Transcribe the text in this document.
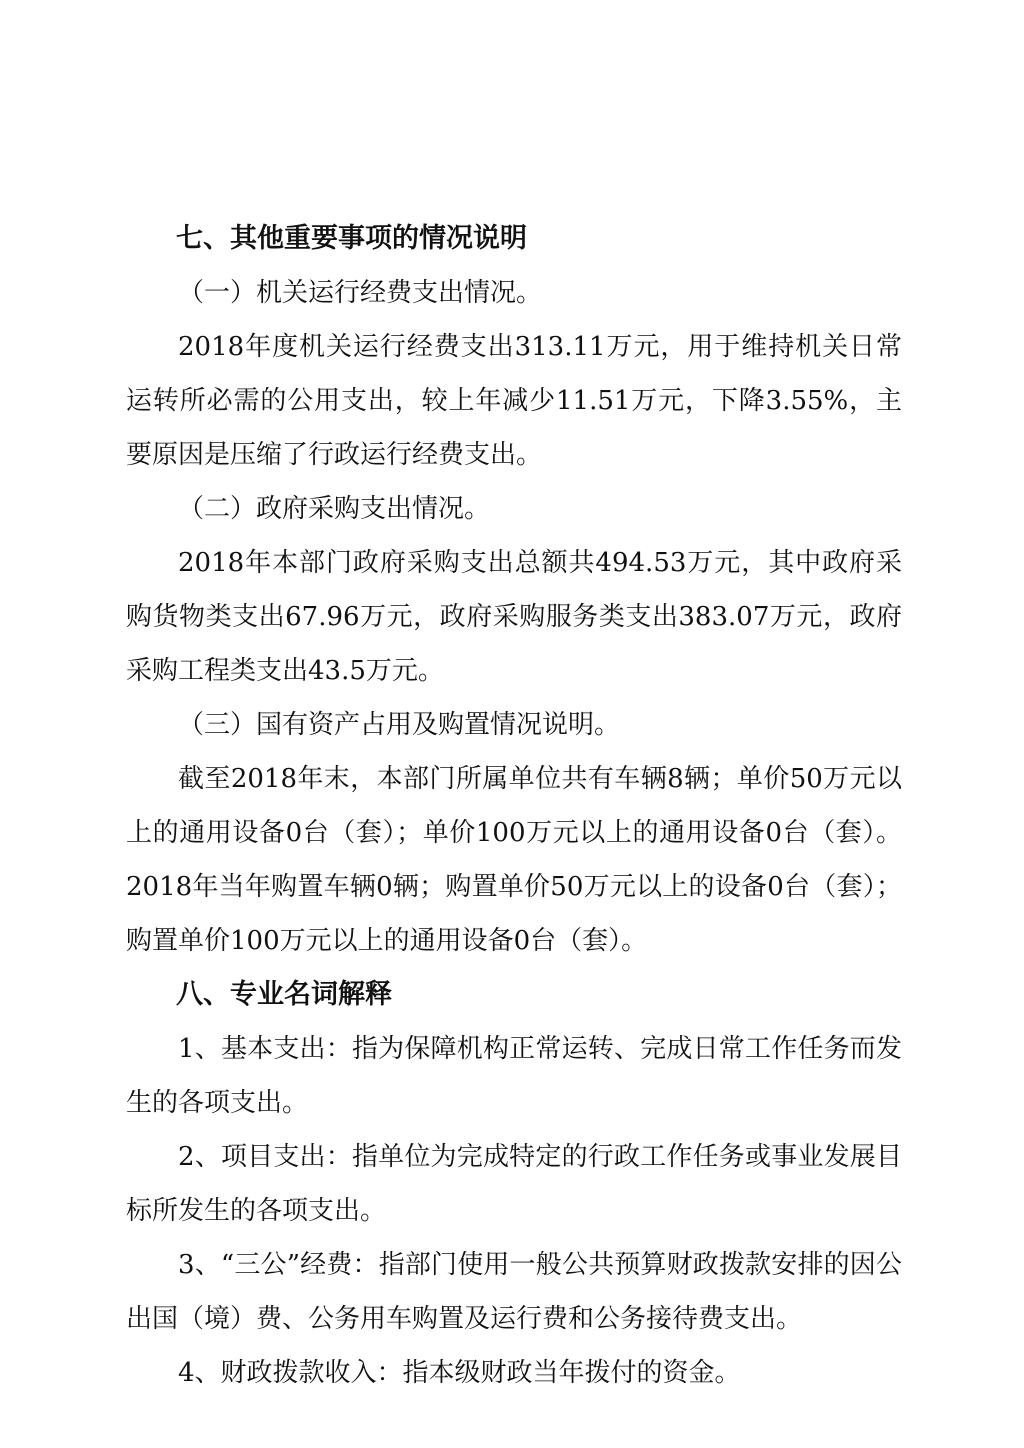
七、其他重要事项的情况说明
（一）机关运行经费支出情况。

2018年度机关运行经费支出313.11万元，用于维持机关日常运转所必需的公用支出，较上年减少11.51万元，下降3.55%，主要原因是压缩了行政运行经费支出。

（二）政府采购支出情况。

2018年本部门政府采购支出总额共494.53万元，其中政府采购货物类支出67.96万元，政府采购服务类支出383.07万元，政府采购工程类支出43.5万元。

（三）国有资产占用及购置情况说明。

截至2018年末，本部门所属单位共有车辆8辆；单价50万元以上的通用设备0台（套）；单价100万元以上的通用设备0台（套）。2018年当年购置车辆0辆；购置单价50万元以上的设备0台（套）；购置单价100万元以上的通用设备0台（套）。

八、专业名词解释

1、基本支出：指为保障机构正常运转、完成日常工作任务而发生的各项支出。

2、项目支出：指单位为完成特定的行政工作任务或事业发展目标所发生的各项支出。

3、“三公”经费：指部门使用一般公共预算财政拨款安排的因公出国（境）费、公务用车购置及运行费和公务接待费支出。

4、财政拨款收入：指本级财政当年拨付的资金。
